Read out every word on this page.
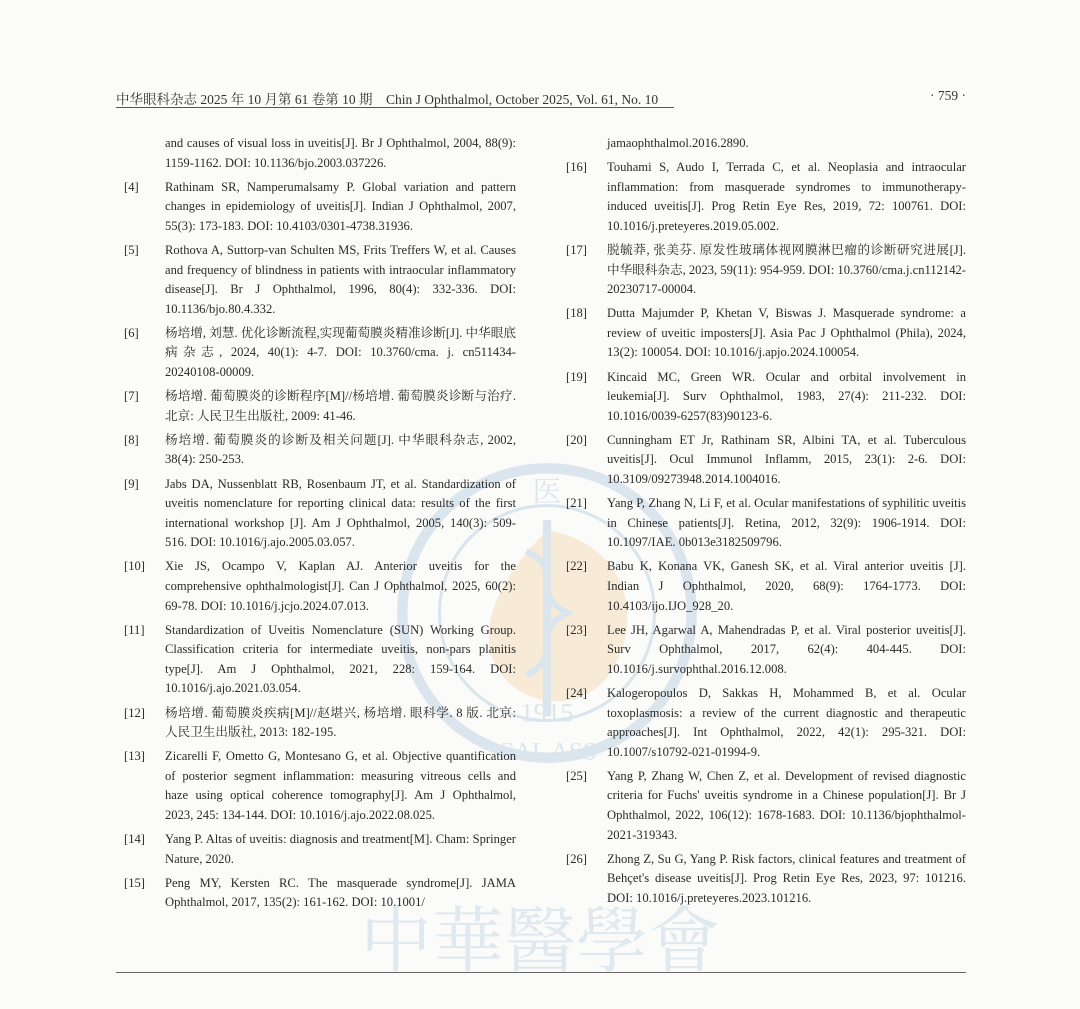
中华眼科杂志 2025 年 10 月第 61 卷第 10 期　Chin J Ophthalmol, October 2025, Vol. 61, No. 10	· 759 ·
医
1915
CAL ASS
and causes of visual loss in uveitis[J]. Br J Ophthalmol, 2004, 88(9): 1159-1162. DOI: 10.1136/bjo.2003.037226.
[4]	Rathinam SR, Namperumalsamy P. Global variation and pattern changes in epidemiology of uveitis[J]. Indian J Ophthalmol, 2007, 55(3): 173-183. DOI: 10.4103/0301-4738.31936.
[5]	Rothova A, Suttorp-van Schulten MS, Frits Treffers W, et al. Causes and frequency of blindness in patients with intraocular inflammatory disease[J]. Br J Ophthalmol, 1996, 80(4): 332-336. DOI: 10.1136/bjo.80.4.332.
[6]	杨培增, 刘慧. 优化诊断流程,实现葡萄膜炎精准诊断[J]. 中华眼底病杂志, 2024, 40(1): 4-7. DOI: 10.3760/cma. j. cn511434-20240108-00009.
[7]	杨培增. 葡萄膜炎的诊断程序[M]//杨培增. 葡萄膜炎诊断与治疗. 北京: 人民卫生出版社, 2009: 41-46.
[8]	杨培增. 葡萄膜炎的诊断及相关问题[J]. 中华眼科杂志, 2002, 38(4): 250-253.
[9]	Jabs DA, Nussenblatt RB, Rosenbaum JT, et al. Standardization of uveitis nomenclature for reporting clinical data: results of the first international workshop [J]. Am J Ophthalmol, 2005, 140(3): 509-516. DOI: 10.1016/j.ajo.2005.03.057.
[10]	Xie JS, Ocampo V, Kaplan AJ. Anterior uveitis for the comprehensive ophthalmologist[J]. Can J Ophthalmol, 2025, 60(2): 69-78. DOI: 10.1016/j.jcjo.2024.07.013.
[11]	Standardization of Uveitis Nomenclature (SUN) Working Group. Classification criteria for intermediate uveitis, non-pars planitis type[J]. Am J Ophthalmol, 2021, 228: 159-164. DOI: 10.1016/j.ajo.2021.03.054.
[12]	杨培增. 葡萄膜炎疾病[M]//赵堪兴, 杨培增. 眼科学. 8 版. 北京: 人民卫生出版社, 2013: 182-195.
[13]	Zicarelli F, Ometto G, Montesano G, et al. Objective quantification of posterior segment inflammation: measuring vitreous cells and haze using optical coherence tomography[J]. Am J Ophthalmol, 2023, 245: 134-144. DOI: 10.1016/j.ajo.2022.08.025.
[14]	Yang P. Altas of uveitis: diagnosis and treatment[M]. Cham: Springer Nature, 2020.
[15]	Peng MY, Kersten RC. The masquerade syndrome[J]. JAMA Ophthalmol, 2017, 135(2): 161-162. DOI: 10.1001/
jamaophthalmol.2016.2890.
[16]	Touhami S, Audo I, Terrada C, et al. Neoplasia and intraocular inflammation: from masquerade syndromes to immunotherapy-induced uveitis[J]. Prog Retin Eye Res, 2019, 72: 100761. DOI: 10.1016/j.preteyeres.2019.05.002.
[17]	脱毓莽, 张美芬. 原发性玻璃体视网膜淋巴瘤的诊断研究进展[J]. 中华眼科杂志, 2023, 59(11): 954-959. DOI: 10.3760/cma.j.cn112142-20230717-00004.
[18]	Dutta Majumder P, Khetan V, Biswas J. Masquerade syndrome: a review of uveitic imposters[J]. Asia Pac J Ophthalmol (Phila), 2024, 13(2): 100054. DOI: 10.1016/j.apjo.2024.100054.
[19]	Kincaid MC, Green WR. Ocular and orbital involvement in leukemia[J]. Surv Ophthalmol, 1983, 27(4): 211-232. DOI: 10.1016/0039-6257(83)90123-6.
[20]	Cunningham ET Jr, Rathinam SR, Albini TA, et al. Tuberculous uveitis[J]. Ocul Immunol Inflamm, 2015, 23(1): 2-6. DOI: 10.3109/09273948.2014.1004016.
[21]	Yang P, Zhang N, Li F, et al. Ocular manifestations of syphilitic uveitis in Chinese patients[J]. Retina, 2012, 32(9): 1906-1914. DOI: 10.1097/IAE. 0b013e3182509796.
[22]	Babu K, Konana VK, Ganesh SK, et al. Viral anterior uveitis [J]. Indian J Ophthalmol, 2020, 68(9): 1764-1773. DOI: 10.4103/ijo.IJO_928_20.
[23]	Lee JH, Agarwal A, Mahendradas P, et al. Viral posterior uveitis[J]. Surv Ophthalmol, 2017, 62(4): 404-445. DOI: 10.1016/j.survophthal.2016.12.008.
[24]	Kalogeropoulos D, Sakkas H, Mohammed B, et al. Ocular toxoplasmosis: a review of the current diagnostic and therapeutic approaches[J]. Int Ophthalmol, 2022, 42(1): 295-321. DOI: 10.1007/s10792-021-01994-9.
[25]	Yang P, Zhang W, Chen Z, et al. Development of revised diagnostic criteria for Fuchs' uveitis syndrome in a Chinese population[J]. Br J Ophthalmol, 2022, 106(12): 1678-1683. DOI: 10.1136/bjophthalmol-2021-319343.
[26]	Zhong Z, Su G, Yang P. Risk factors, clinical features and treatment of Behçet's disease uveitis[J]. Prog Retin Eye Res, 2023, 97: 101216. DOI: 10.1016/j.preteyeres.2023.101216.
中華醫學會
